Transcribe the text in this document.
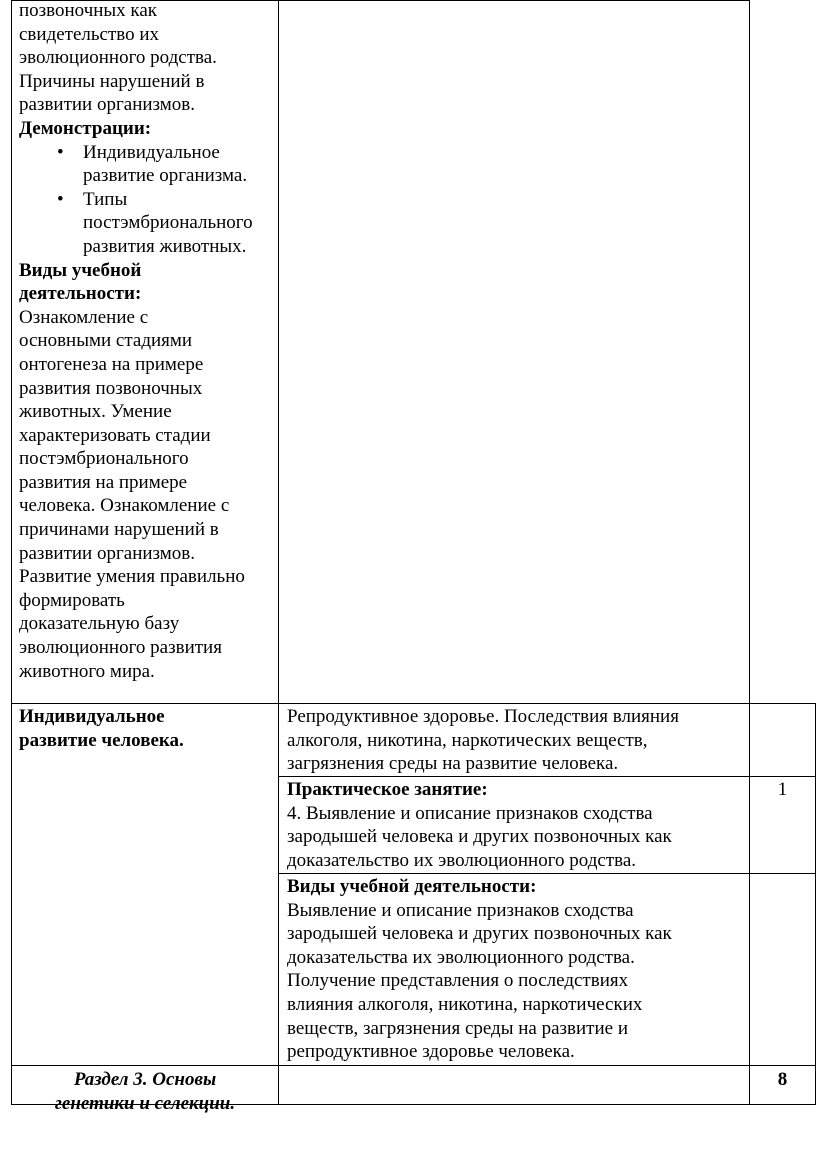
позвоночных как
свидетельство их
эволюционного родства.
Причины нарушений в
развитии организмов.
Демонстрации:
• Индивидуальное
развитие организма.
• Типы
постэмбрионального
развития животных.
Виды учебной
деятельности:
Ознакомление с
основными стадиями
онтогенеза на примере
развития позвоночных
животных. Умение
характеризовать стадии
постэмбрионального
развития на примере
человека. Ознакомление с
причинами нарушений в
развитии организмов.
Развитие умения правильно
формировать
доказательную базу
эволюционного развития
животного мира.
Индивидуальное
развитие человека.
Репродуктивное здоровье. Последствия влияния
алкоголя, никотина, наркотических веществ,
загрязнения среды на развитие человека.
Практическое занятие:
4. Выявление и описание признаков сходства
зародышей человека и других позвоночных как
доказательство их эволюционного родства.
1
Виды учебной деятельности:
Выявление и описание признаков сходства
зародышей человека и других позвоночных как
доказательства их эволюционного родства.
Получение представления о последствиях
влияния алкоголя, никотина, наркотических
веществ, загрязнения среды на развитие и
репродуктивное здоровье человека.
Раздел 3. Основы
генетики и селекции.
8
